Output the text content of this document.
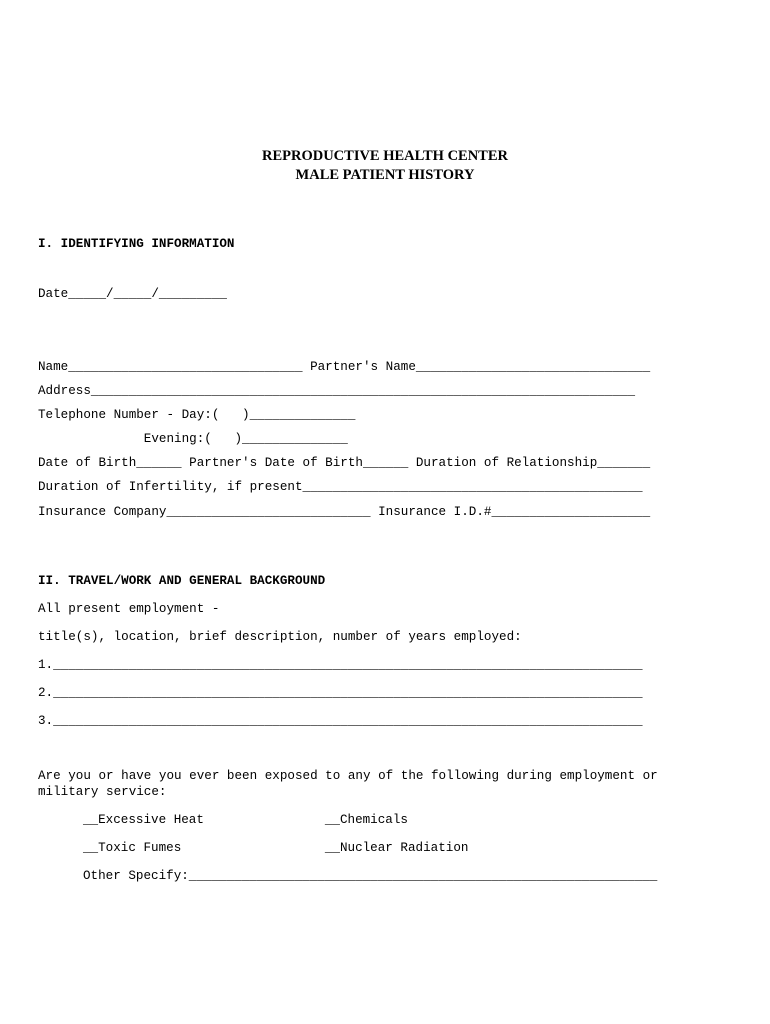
REPRODUCTIVE HEALTH CENTER
MALE PATIENT HISTORY
I. IDENTIFYING INFORMATION
Date_____/_____/_________
Name_______________________________ Partner's Name_______________________________
Address________________________________________________________________________
Telephone Number - Day:(   )______________
Evening:(   )______________
Date of Birth______ Partner's Date of Birth______ Duration of Relationship_______
Duration of Infertility, if present_____________________________________________
Insurance Company___________________________ Insurance I.D.#_____________________
II. TRAVEL/WORK AND GENERAL BACKGROUND
All present employment -
title(s), location, brief description, number of years employed:
1.______________________________________________________________________________
2.______________________________________________________________________________
3.______________________________________________________________________________
Are you or have you ever been exposed to any of the following during employment or
military service:
__Excessive Heat                __Chemicals
__Toxic Fumes                   __Nuclear Radiation
Other Specify:______________________________________________________________
